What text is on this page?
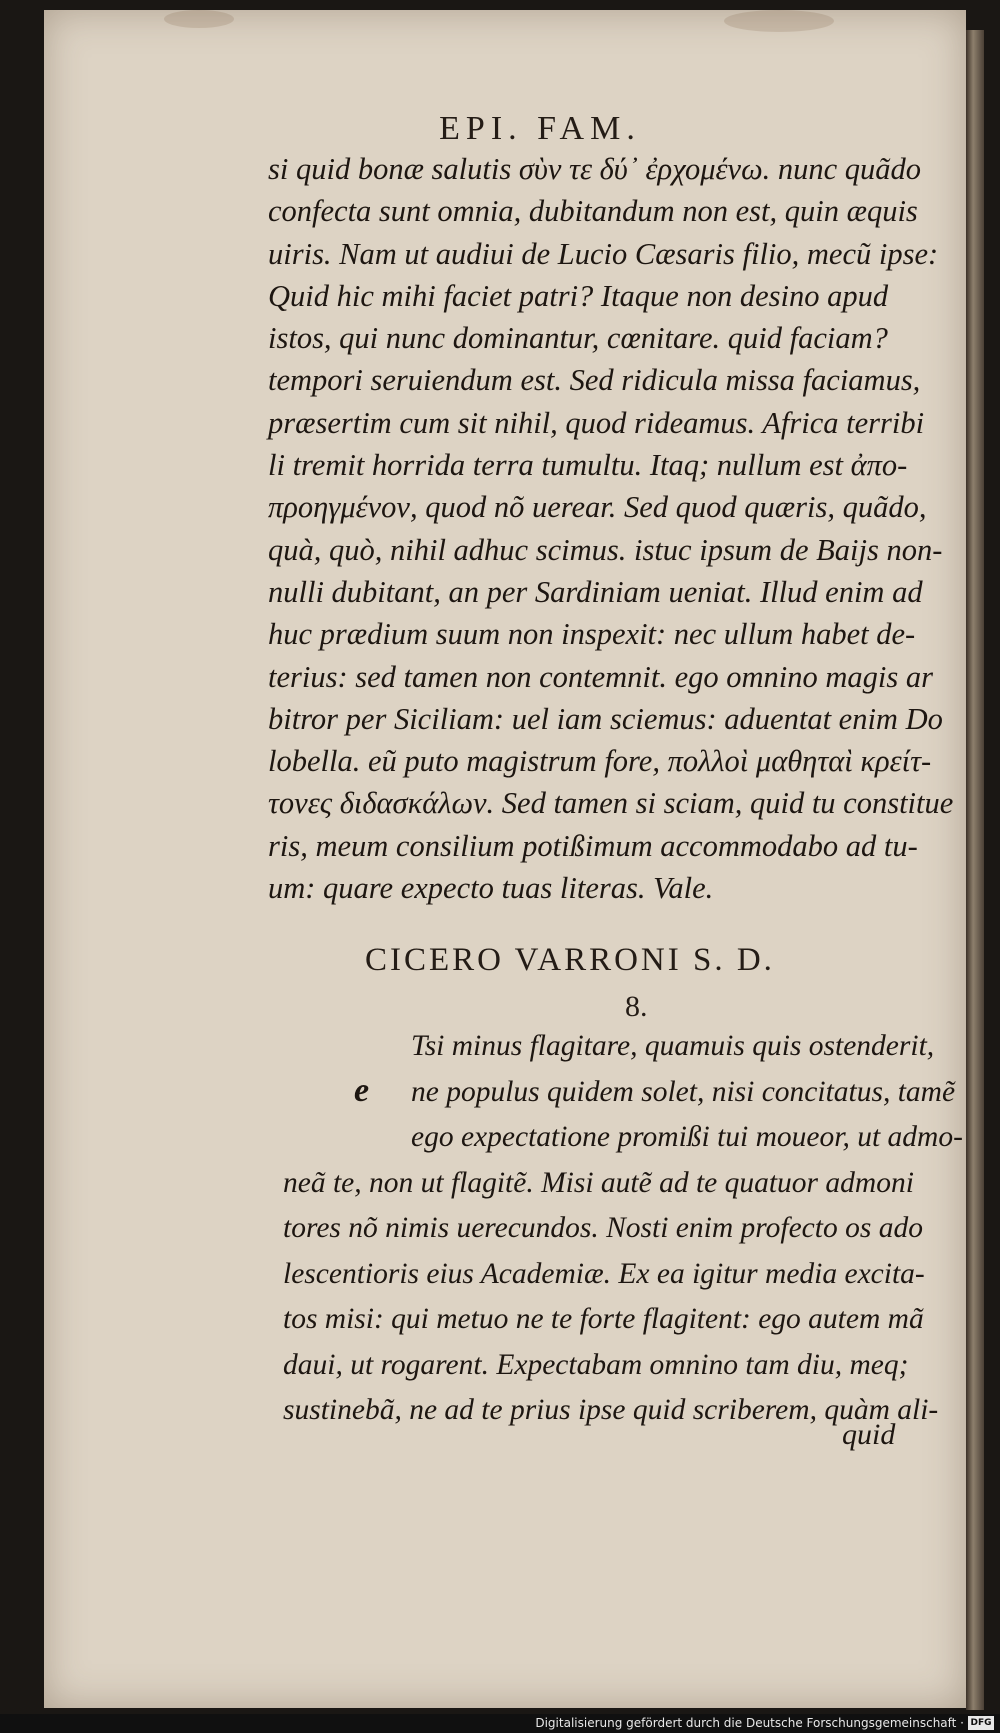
EPI. FAM.
si quid bonæ salutis σὺν τε δύ᾽ ἐρχομένω. nunc quãdo
confecta sunt omnia, dubitandum non est, quin æquis
uiris. Nam ut audiui de Lucio Cæsaris filio, mecũ ipse:
Quid hic mihi faciet patri? Itaque non desino apud
istos, qui nunc dominantur, cœnitare. quid faciam?
tempori seruiendum est. Sed ridicula missa faciamus,
præsertim cum sit nihil, quod rideamus. Africa terribi
li tremit horrida terra tumultu. Itaq; nullum est ἀπο-
προηγμένον, quod nõ uerear. Sed quod quæris, quãdo,
quà, quò, nihil adhuc scimus. istuc ipsum de Baijs non-
nulli dubitant, an per Sardiniam ueniat. Illud enim ad
huc prædium suum non inspexit: nec ullum habet de-
terius: sed tamen non contemnit. ego omnino magis ar
bitror per Siciliam: uel iam sciemus: aduentat enim Do
lobella. eũ puto magistrum fore, πολλοὶ μαθηταὶ κρείτ-
τονες διδασκάλων. Sed tamen si sciam, quid tu constitue
ris, meum consilium potißimum accommodabo ad tu-
um: quare expecto tuas literas. Vale.
CICERO VARRONI S. D.
8.
e
Tsi minus flagitare, quamuis quis ostenderit,
ne populus quidem solet, nisi concitatus, tamẽ
ego expectatione promißi tui moueor, ut admo-
neã te, non ut flagitẽ. Misi autẽ ad te quatuor admoni
tores nõ nimis uerecundos. Nosti enim profecto os ado
lescentioris eius Academiæ. Ex ea igitur media excita-
tos misi: qui metuo ne te forte flagitent: ego autem mã
daui, ut rogarent. Expectabam omnino tam diu, meq;
sustinebã, ne ad te prius ipse quid scriberem, quàm ali-
quid
Digitalisierung gefördert durch die Deutsche Forschungsgemeinschaft · DFG
